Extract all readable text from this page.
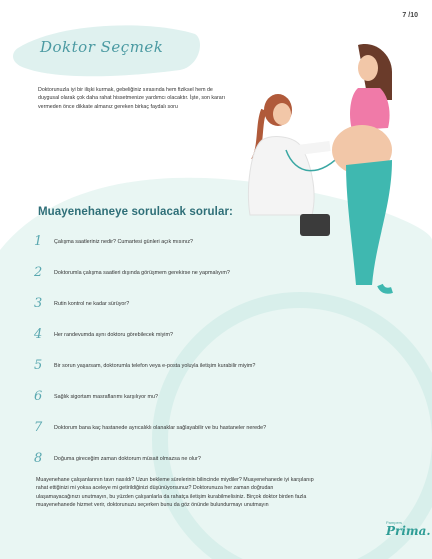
7 /10
Doktor Seçmek
Doktorunuzla iyi bir ilişki kurmak, gebeliğiniz sırasında hem fiziksel hem de duygusal olarak çok daha rahat hissetmenize yardımcı olacaktır. İşte, son kararı vermeden önce dikkate almanız gereken birkaç faydalı soru
Muayenehaneye sorulacak sorular:
1	Çalışma saatleriniz nedir? Cumartesi günleri açık mısınız?
2	Doktorumla çalışma saatleri dışında görüşmem gerekirse ne yapmalıyım?
3	Rutin kontrol ne kadar sürüyor?
4	Her randevumda aynı doktoru görebilecek miyim?
5	Bir sorun yaşarsam, doktorumla telefon veya e-posta yoluyla iletişim kurabilir miyim?
6	Sağlık sigortam masraflarımı karşılıyor mu?
7	Doktorum bana kaç hastanede ayrıcalıklı olanaklar sağlayabilir ve bu hastaneler nerede?
8	Doğuma gireceğim zaman doktorum müsait olmazsa ne olur?
Muayenehane çalışanlarının tavrı nasıldı? Uzun bekleme sürelerinin bilincinde miydiler? Muayenehanede iyi karşılanıp rahat ettiğinizi mi yoksa aceleye mi getirildiğinizi düşünüyorsunuz? Doktorunuza her zaman doğrudan ulaşamayacağınızı unutmayın, bu yüzden çalışanlarla da rahatça iletişim kurabilmelisiniz. Birçok doktor birden fazla muayenehanede hizmet verir, doktorunuzu seçerken bunu da göz önünde bulundurmayı unutmayın
Pampers
Prima.
